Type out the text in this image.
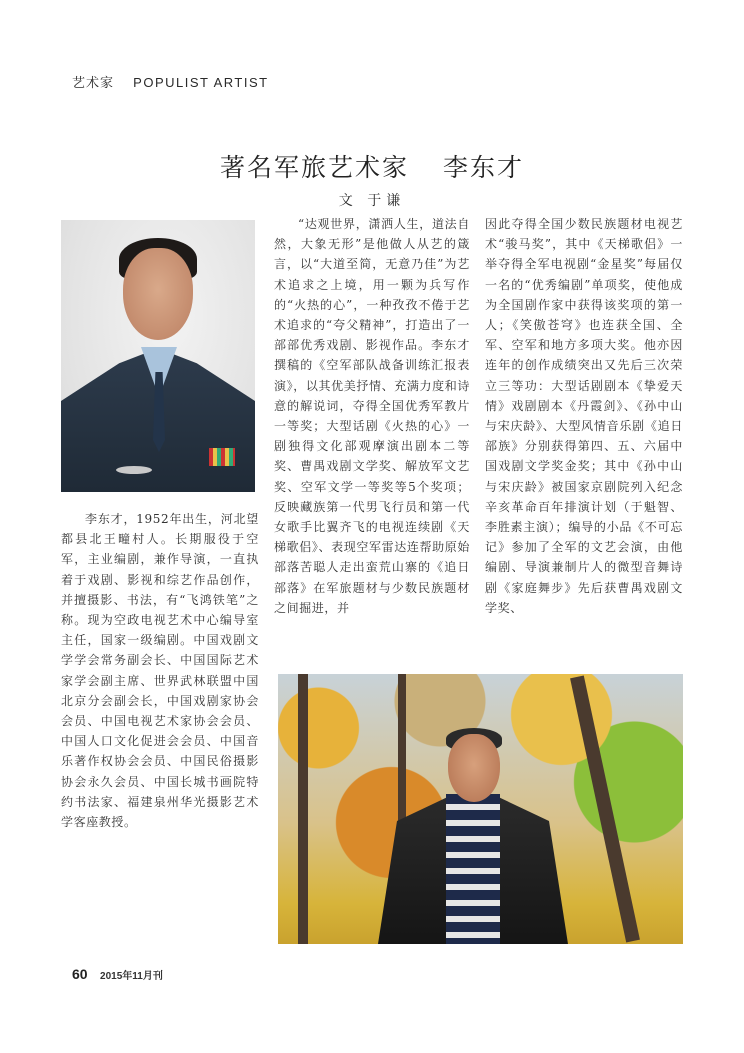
艺术家 POPULIST ARTIST
著名军旅艺术家 李东才
文 于谦

李东才，1952年出生，河北望都县北王疃村人。长期服役于空军，主业编剧，兼作导演，一直执着于戏剧、影视和综艺作品创作，并擅摄影、书法，有“飞鸿铁笔”之称。现为空政电视艺术中心编导室主任，国家一级编剧。中国戏剧文学学会常务副会长、中国国际艺术家学会副主席、世界武林联盟中国北京分会副会长，中国戏剧家协会会员、中国电视艺术家协会会员、中国人口文化促进会会员、中国音乐著作权协会会员、中国民俗摄影协会永久会员、中国长城书画院特约书法家、福建泉州华光摄影艺术学客座教授。

“达观世界，潇洒人生，道法自然，大象无形”是他做人从艺的箴言，以“大道至简，无意乃佳”为艺术追求之上境，用一颗为兵写作的“火热的心”，一种孜孜不倦于艺术追求的“夸父精神”，打造出了一部部优秀戏剧、影视作品。李东才撰稿的《空军部队战备训练汇报表演》，以其优美抒情、充满力度和诗意的解说词，夺得全国优秀军教片一等奖；大型话剧《火热的心》一剧独得文化部观摩演出剧本二等奖、曹禺戏剧文学奖、解放军文艺奖、空军文学一等奖等5个奖项；反映藏族第一代男飞行员和第一代女歌手比翼齐飞的电视连续剧《天梯歌侣》、表现空军雷达连帮助原始部落苦聪人走出蛮荒山寨的《追日部落》在军旅题材与少数民族题材之间掘进，并

因此夺得全国少数民族题材电视艺术“骏马奖”，其中《天梯歌侣》一举夺得全军电视剧“金星奖”每届仅一名的“优秀编剧”单项奖，使他成为全国剧作家中获得该奖项的第一人；《笑傲苍穹》也连获全国、全军、空军和地方多项大奖。他亦因连年的创作成绩突出又先后三次荣立三等功：大型话剧剧本《挚爱天情》戏剧剧本《丹霞剑》、《孙中山与宋庆龄》、大型风情音乐剧《追日部族》分别获得第四、五、六届中国戏剧文学奖金奖；其中《孙中山与宋庆龄》被国家京剧院列入纪念辛亥革命百年排演计划（于魁智、李胜素主演）；编导的小品《不可忘记》参加了全军的文艺会演，由他编剧、导演兼制片人的微型音舞诗剧《家庭舞步》先后获曹禺戏剧文学奖、

60 2015年11月刊
